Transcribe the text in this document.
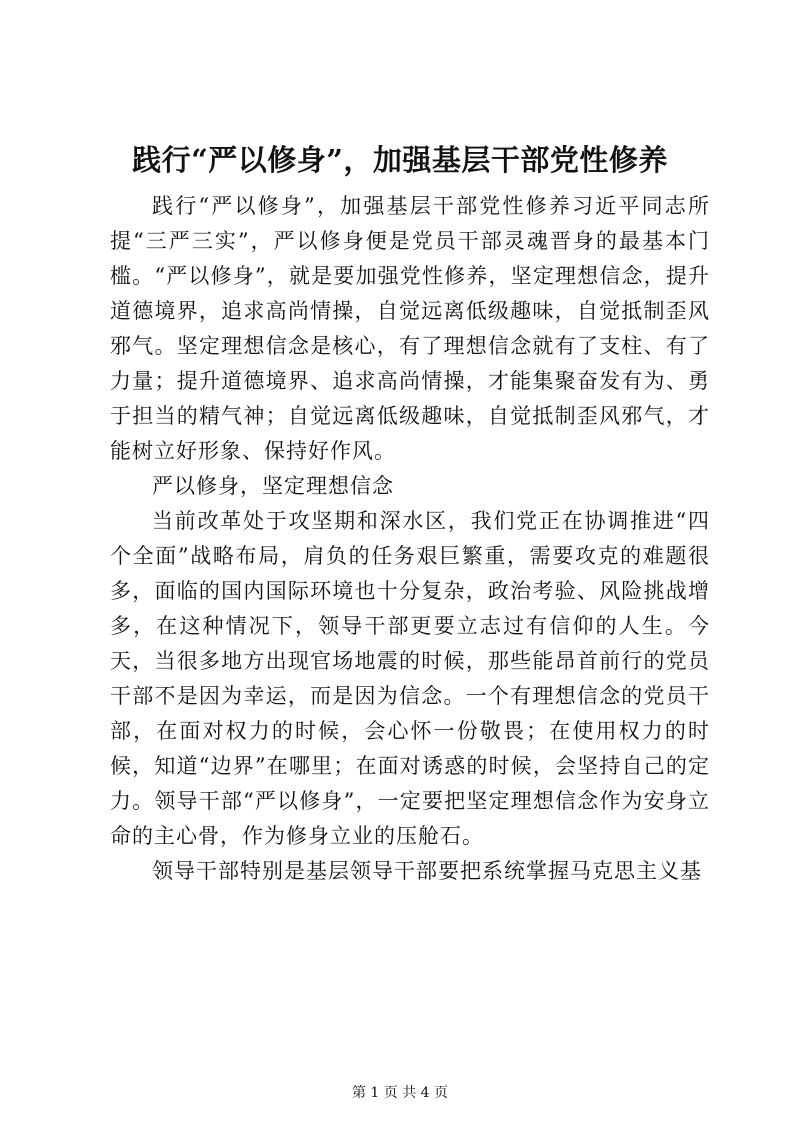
践行“严以修身”，加强基层干部党性修养

践行“严以修身”，加强基层干部党性修养习近平同志所提“三严三实”，严以修身便是党员干部灵魂晋身的最基本门槛。“严以修身”，就是要加强党性修养，坚定理想信念，提升道德境界，追求高尚情操，自觉远离低级趣味，自觉抵制歪风邪气。坚定理想信念是核心，有了理想信念就有了支柱、有了力量；提升道德境界、追求高尚情操，才能集聚奋发有为、勇于担当的精气神；自觉远离低级趣味，自觉抵制歪风邪气，才能树立好形象、保持好作风。

严以修身，坚定理想信念

当前改革处于攻坚期和深水区，我们党正在协调推进“四个全面”战略布局，肩负的任务艰巨繁重，需要攻克的难题很多，面临的国内国际环境也十分复杂，政治考验、风险挑战增多，在这种情况下，领导干部更要立志过有信仰的人生。今天，当很多地方出现官场地震的时候，那些能昂首前行的党员干部不是因为幸运，而是因为信念。一个有理想信念的党员干部，在面对权力的时候，会心怀一份敬畏；在使用权力的时候，知道“边界”在哪里；在面对诱惑的时候，会坚持自己的定力。领导干部“严以修身”，一定要把坚定理想信念作为安身立命的主心骨，作为修身立业的压舱石。

领导干部特别是基层领导干部要把系统掌握马克思主义基

第 1 页 共 4 页
